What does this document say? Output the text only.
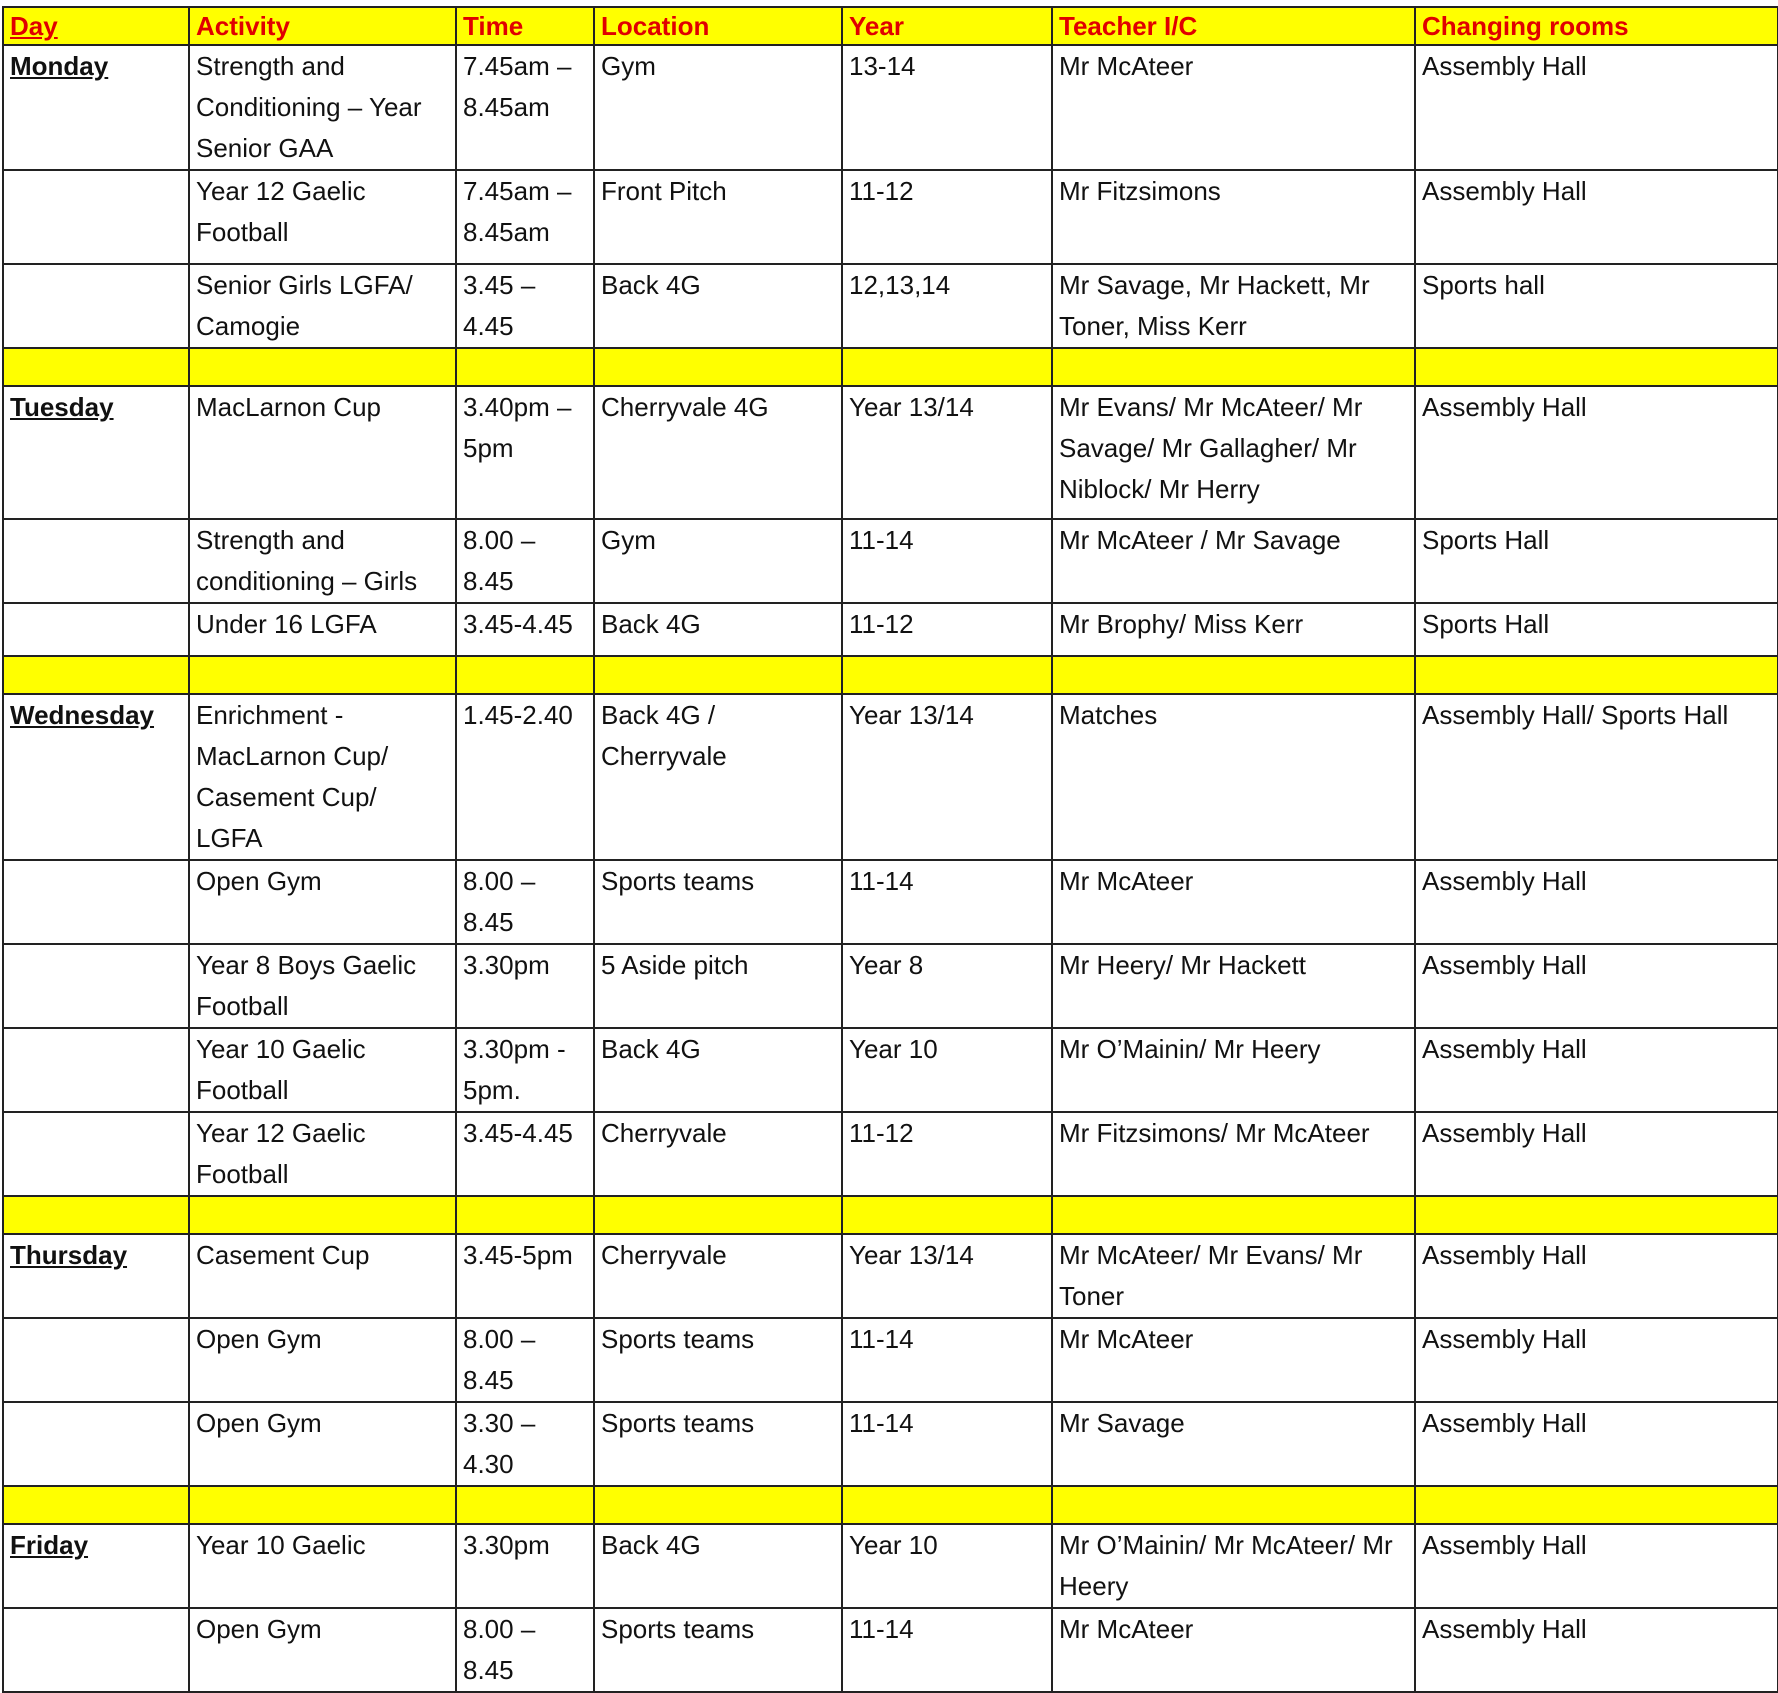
Day	Activity	Time	Location	Year	Teacher I/C	Changing rooms
Monday	Strength and Conditioning – Year Senior GAA	7.45am – 8.45am	Gym	13-14	Mr McAteer	Assembly Hall
	Year 12 Gaelic Football	7.45am – 8.45am	Front Pitch	11-12	Mr Fitzsimons	Assembly Hall
	Senior Girls LGFA/ Camogie	3.45 – 4.45	Back 4G	12,13,14	Mr Savage, Mr Hackett, Mr Toner, Miss Kerr	Sports hall

Tuesday	MacLarnon Cup	3.40pm – 5pm	Cherryvale 4G	Year 13/14	Mr Evans/ Mr McAteer/ Mr Savage/ Mr Gallagher/ Mr Niblock/ Mr Herry	Assembly Hall
	Strength and conditioning – Girls	8.00 – 8.45	Gym	11-14	Mr McAteer / Mr Savage	Sports Hall
	Under 16 LGFA	3.45-4.45	Back 4G	11-12	Mr Brophy/ Miss Kerr	Sports Hall

Wednesday	Enrichment - MacLarnon Cup/ Casement Cup/ LGFA	1.45-2.40	Back 4G / Cherryvale	Year 13/14	Matches	Assembly Hall/ Sports Hall
	Open Gym	8.00 – 8.45	Sports teams	11-14	Mr McAteer	Assembly Hall
	Year 8 Boys Gaelic Football	3.30pm	5 Aside pitch	Year 8	Mr Heery/ Mr Hackett	Assembly Hall
	Year 10 Gaelic Football	3.30pm - 5pm.	Back 4G	Year 10	Mr O’Mainin/ Mr Heery	Assembly Hall
	Year 12 Gaelic Football	3.45-4.45	Cherryvale	11-12	Mr Fitzsimons/ Mr McAteer	Assembly Hall

Thursday	Casement Cup	3.45-5pm	Cherryvale	Year 13/14	Mr McAteer/ Mr Evans/ Mr Toner	Assembly Hall
	Open Gym	8.00 – 8.45	Sports teams	11-14	Mr McAteer	Assembly Hall
	Open Gym	3.30 – 4.30	Sports teams	11-14	Mr Savage	Assembly Hall

Friday	Year 10 Gaelic	3.30pm	Back 4G	Year 10	Mr O’Mainin/ Mr McAteer/ Mr Heery	Assembly Hall
	Open Gym	8.00 – 8.45	Sports teams	11-14	Mr McAteer	Assembly Hall
